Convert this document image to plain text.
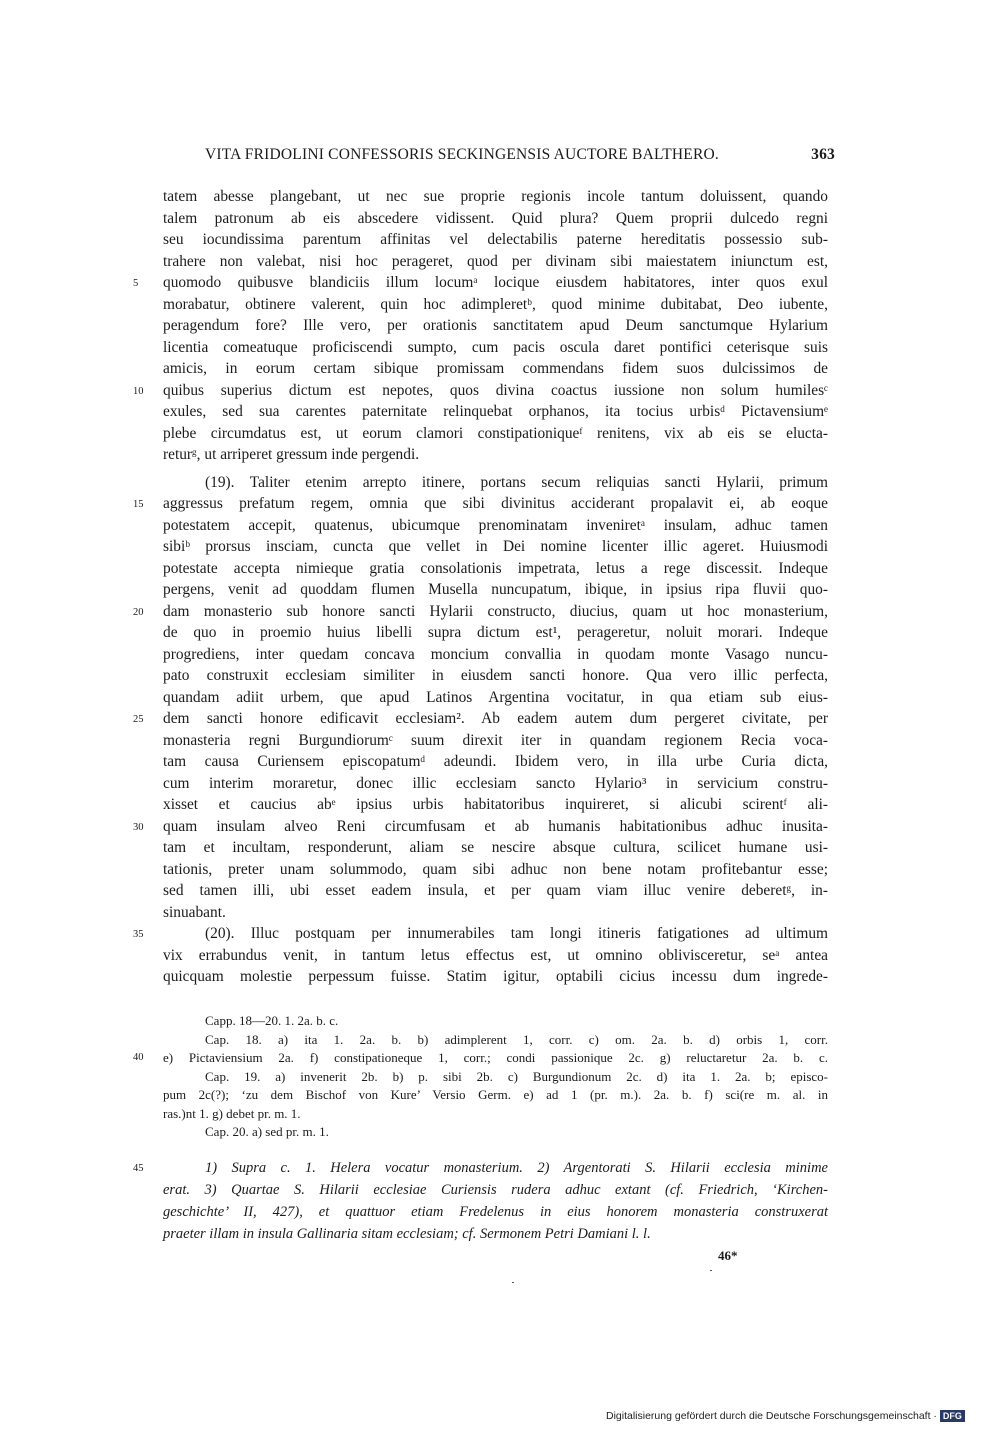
VITA FRIDOLINI CONFESSORIS SECKINGENSIS AUCTORE BALTHERO.	363
tatem abesse plangebant, ut nec sue proprie regionis incole tantum doluissent, quando
talem patronum ab eis abscedere vidissent. Quid plura? Quem proprii dulcedo regni
seu iocundissima parentum affinitas vel delectabilis paterne hereditatis possessio sub-
trahere non valebat, nisi hoc perageret, quod per divinam sibi maiestatem iniunctum est,
quomodo quibusve blandiciis illum locumᵃ locique eiusdem habitatores, inter quos exul
5
morabatur, obtinere valerent, quin hoc adimpleretᵇ, quod minime dubitabat, Deo iubente,
peragendum fore? Ille vero, per orationis sanctitatem apud Deum sanctumque Hylarium
licentia comeatuque proficiscendi sumpto, cum pacis oscula daret pontifici ceterisque suis
amicis, in eorum certam sibique promissam commendans fidem suos dulcissimos de
quibus superius dictum est nepotes, quos divina coactus iussione non solum humilesᶜ
10
exules, sed sua carentes paternitate relinquebat orphanos, ita tocius urbisᵈ Pictavensiumᵉ
plebe circumdatus est, ut eorum clamori constipationiqueᶠ renitens, vix ab eis se elucta-
returᵍ, ut arriperet gressum inde pergendi.
(19). Taliter etenim arrepto itinere, portans secum reliquias sancti Hylarii, primum
aggressus prefatum regem, omnia que sibi divinitus acciderant propalavit ei, ab eoque
15
potestatem accepit, quatenus, ubicumque prenominatam inveniretᵃ insulam, adhuc tamen
sibiᵇ prorsus insciam, cuncta que vellet in Dei nomine licenter illic ageret. Huiusmodi
potestate accepta nimieque gratia consolationis impetrata, letus a rege discessit. Indeque
pergens, venit ad quoddam flumen Musella nuncupatum, ibique, in ipsius ripa fluvii quo-
dam monasterio sub honore sancti Hylarii constructo, diucius, quam ut hoc monasterium,
20
de quo in proemio huius libelli supra dictum est¹, perageretur, noluit morari. Indeque
progrediens, inter quedam concava moncium convallia in quodam monte Vasago nuncu-
pato construxit ecclesiam similiter in eiusdem sancti honore. Qua vero illic perfecta,
quandam adiit urbem, que apud Latinos Argentina vocitatur, in qua etiam sub eius-
dem sancti honore edificavit ecclesiam². Ab eadem autem dum pergeret civitate, per
25
monasteria regni Burgundiorumᶜ suum direxit iter in quandam regionem Recia voca-
tam causa Curiensem episcopatumᵈ adeundi. Ibidem vero, in illa urbe Curia dicta,
cum interim moraretur, donec illic ecclesiam sancto Hylario³ in servicium constru-
xisset et caucius abᵉ ipsius urbis habitatoribus inquireret, si alicubi scirentᶠ ali-
quam insulam alveo Reni circumfusam et ab humanis habitationibus adhuc inusita-
30
tam et incultam, responderunt, aliam se nescire absque cultura, scilicet humane usi-
tationis, preter unam solummodo, quam sibi adhuc non bene notam profitebantur esse;
sed tamen illi, ubi esset eadem insula, et per quam viam illuc venire deberetᵍ, in-
sinuabant.
(20). Illuc postquam per innumerabiles tam longi itineris fatigationes ad ultimum
35
vix errabundus venit, in tantum letus effectus est, ut omnino oblivisceretur, seᵃ antea
quicquam molestie perpessum fuisse. Statim igitur, optabili cicius incessu dum ingrede-
Capp. 18—20. 1. 2a. b. c.
Cap. 18. a) ita 1. 2a. b. b) adimplerent 1, corr. c) om. 2a. b. d) orbis 1, corr.
e) Pictaviensium 2a. f) constipationeque 1, corr.; condi passionique 2c. g) reluctaretur 2a. b. c.
40
Cap. 19. a) invenerit 2b. b) p. sibi 2b. c) Burgundionum 2c. d) ita 1. 2a. b; episco-
pum 2c(?); ‘zu dem Bischof von Kure’ Versio Germ. e) ad 1 (pr. m.). 2a. b. f) sci(re m. al. in
ras.)nt 1. g) debet pr. m. 1.
Cap. 20. a) sed pr. m. 1.
1) Supra c. 1. Helera vocatur monasterium. 2) Argentorati S. Hilarii ecclesia minime
45
erat. 3) Quartae S. Hilarii ecclesiae Curiensis rudera adhuc extant (cf. Friedrich, ‘Kirchen-
geschichte’ II, 427), et quattuor etiam Fredelenus in eius honorem monasteria construxerat
praeter illam in insula Gallinaria sitam ecclesiam; cf. Sermonem Petri Damiani l. l.
46*
Digitalisierung gefördert durch die Deutsche Forschungsgemeinschaft · DFG
